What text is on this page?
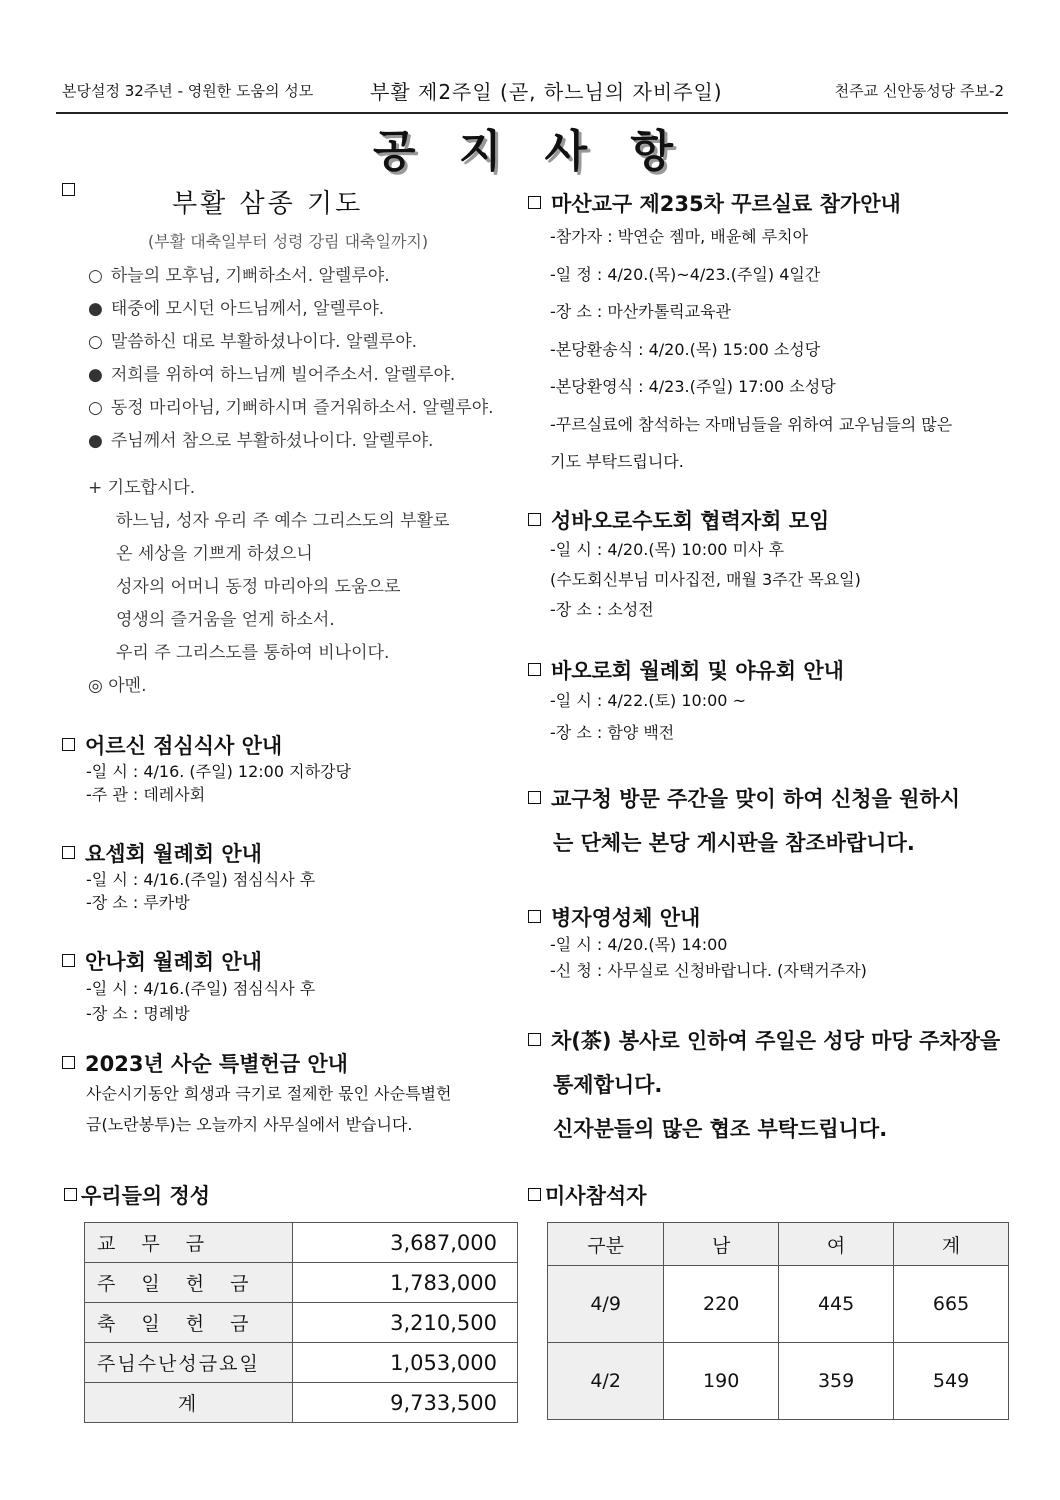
본당설정 32주년 - 영원한 도움의 성모	부활 제2주일 (곧, 하느님의 자비주일)	천주교 신안동성당 주보-2
공 지 사 항
부활 삼종 기도
(부활 대축일부터 성령 강림 대축일까지)
○ 하늘의 모후님, 기뻐하소서. 알렐루야.
● 태중에 모시던 아드님께서, 알렐루야.
○ 말씀하신 대로 부활하셨나이다. 알렐루야.
● 저희를 위하여 하느님께 빌어주소서. 알렐루야.
○ 동정 마리아님, 기뻐하시며 즐거워하소서. 알렐루야.
● 주님께서 참으로 부활하셨나이다. 알렐루야.
+ 기도합시다.
하느님, 성자 우리 주 예수 그리스도의 부활로
온 세상을 기쁘게 하셨으니
성자의 어머니 동정 마리아의 도움으로
영생의 즐거움을 얻게 하소서.
우리 주 그리스도를 통하여 비나이다.
◎ 아멘.
어르신 점심식사 안내
-일 시 : 4/16. (주일) 12:00 지하강당
-주 관 : 데레사회
요셉회 월례회 안내
-일 시 : 4/16.(주일) 점심식사 후
-장 소 : 루카방
안나회 월례회 안내
-일 시 : 4/16.(주일) 점심식사 후
-장 소 : 명례방
2023년 사순 특별헌금 안내
사순시기동안 희생과 극기로 절제한 몫인 사순특별헌
금(노란봉투)는 오늘까지 사무실에서 받습니다.
마산교구 제235차 꾸르실료 참가안내
-참가자 : 박연순 젬마, 배윤혜 루치아
-일 정 : 4/20.(목)~4/23.(주일) 4일간
-장 소 : 마산카톨릭교육관
-본당환송식 : 4/20.(목) 15:00 소성당
-본당환영식 : 4/23.(주일) 17:00 소성당
-꾸르실료에 참석하는 자매님들을 위하여 교우님들의 많은
기도 부탁드립니다.
성바오로수도회 협력자회 모임
-일 시 : 4/20.(목) 10:00 미사 후
(수도회신부님 미사집전, 매월 3주간 목요일)
-장 소 : 소성전
바오로회 월례회 및 야유회 안내
-일 시 : 4/22.(토) 10:00 ~
-장 소 : 함양 백전
교구청 방문 주간을 맞이 하여 신청을 원하시
는 단체는 본당 게시판을 참조바랍니다.
병자영성체 안내
-일 시 : 4/20.(목) 14:00
-신 청 : 사무실로 신청바랍니다. (자택거주자)
차(茶) 봉사로 인하여 주일은 성당 마당 주차장을
통제합니다.
신자분들의 많은 협조 부탁드립니다.
우리들의 정성
교 무 금	3,687,000
주 일 헌 금	1,783,000
축 일 헌 금	3,210,500
주님수난성금요일	1,053,000
계	9,733,500
미사참석자
구분	남	여	계
4/9	220	445	665
4/2	190	359	549
